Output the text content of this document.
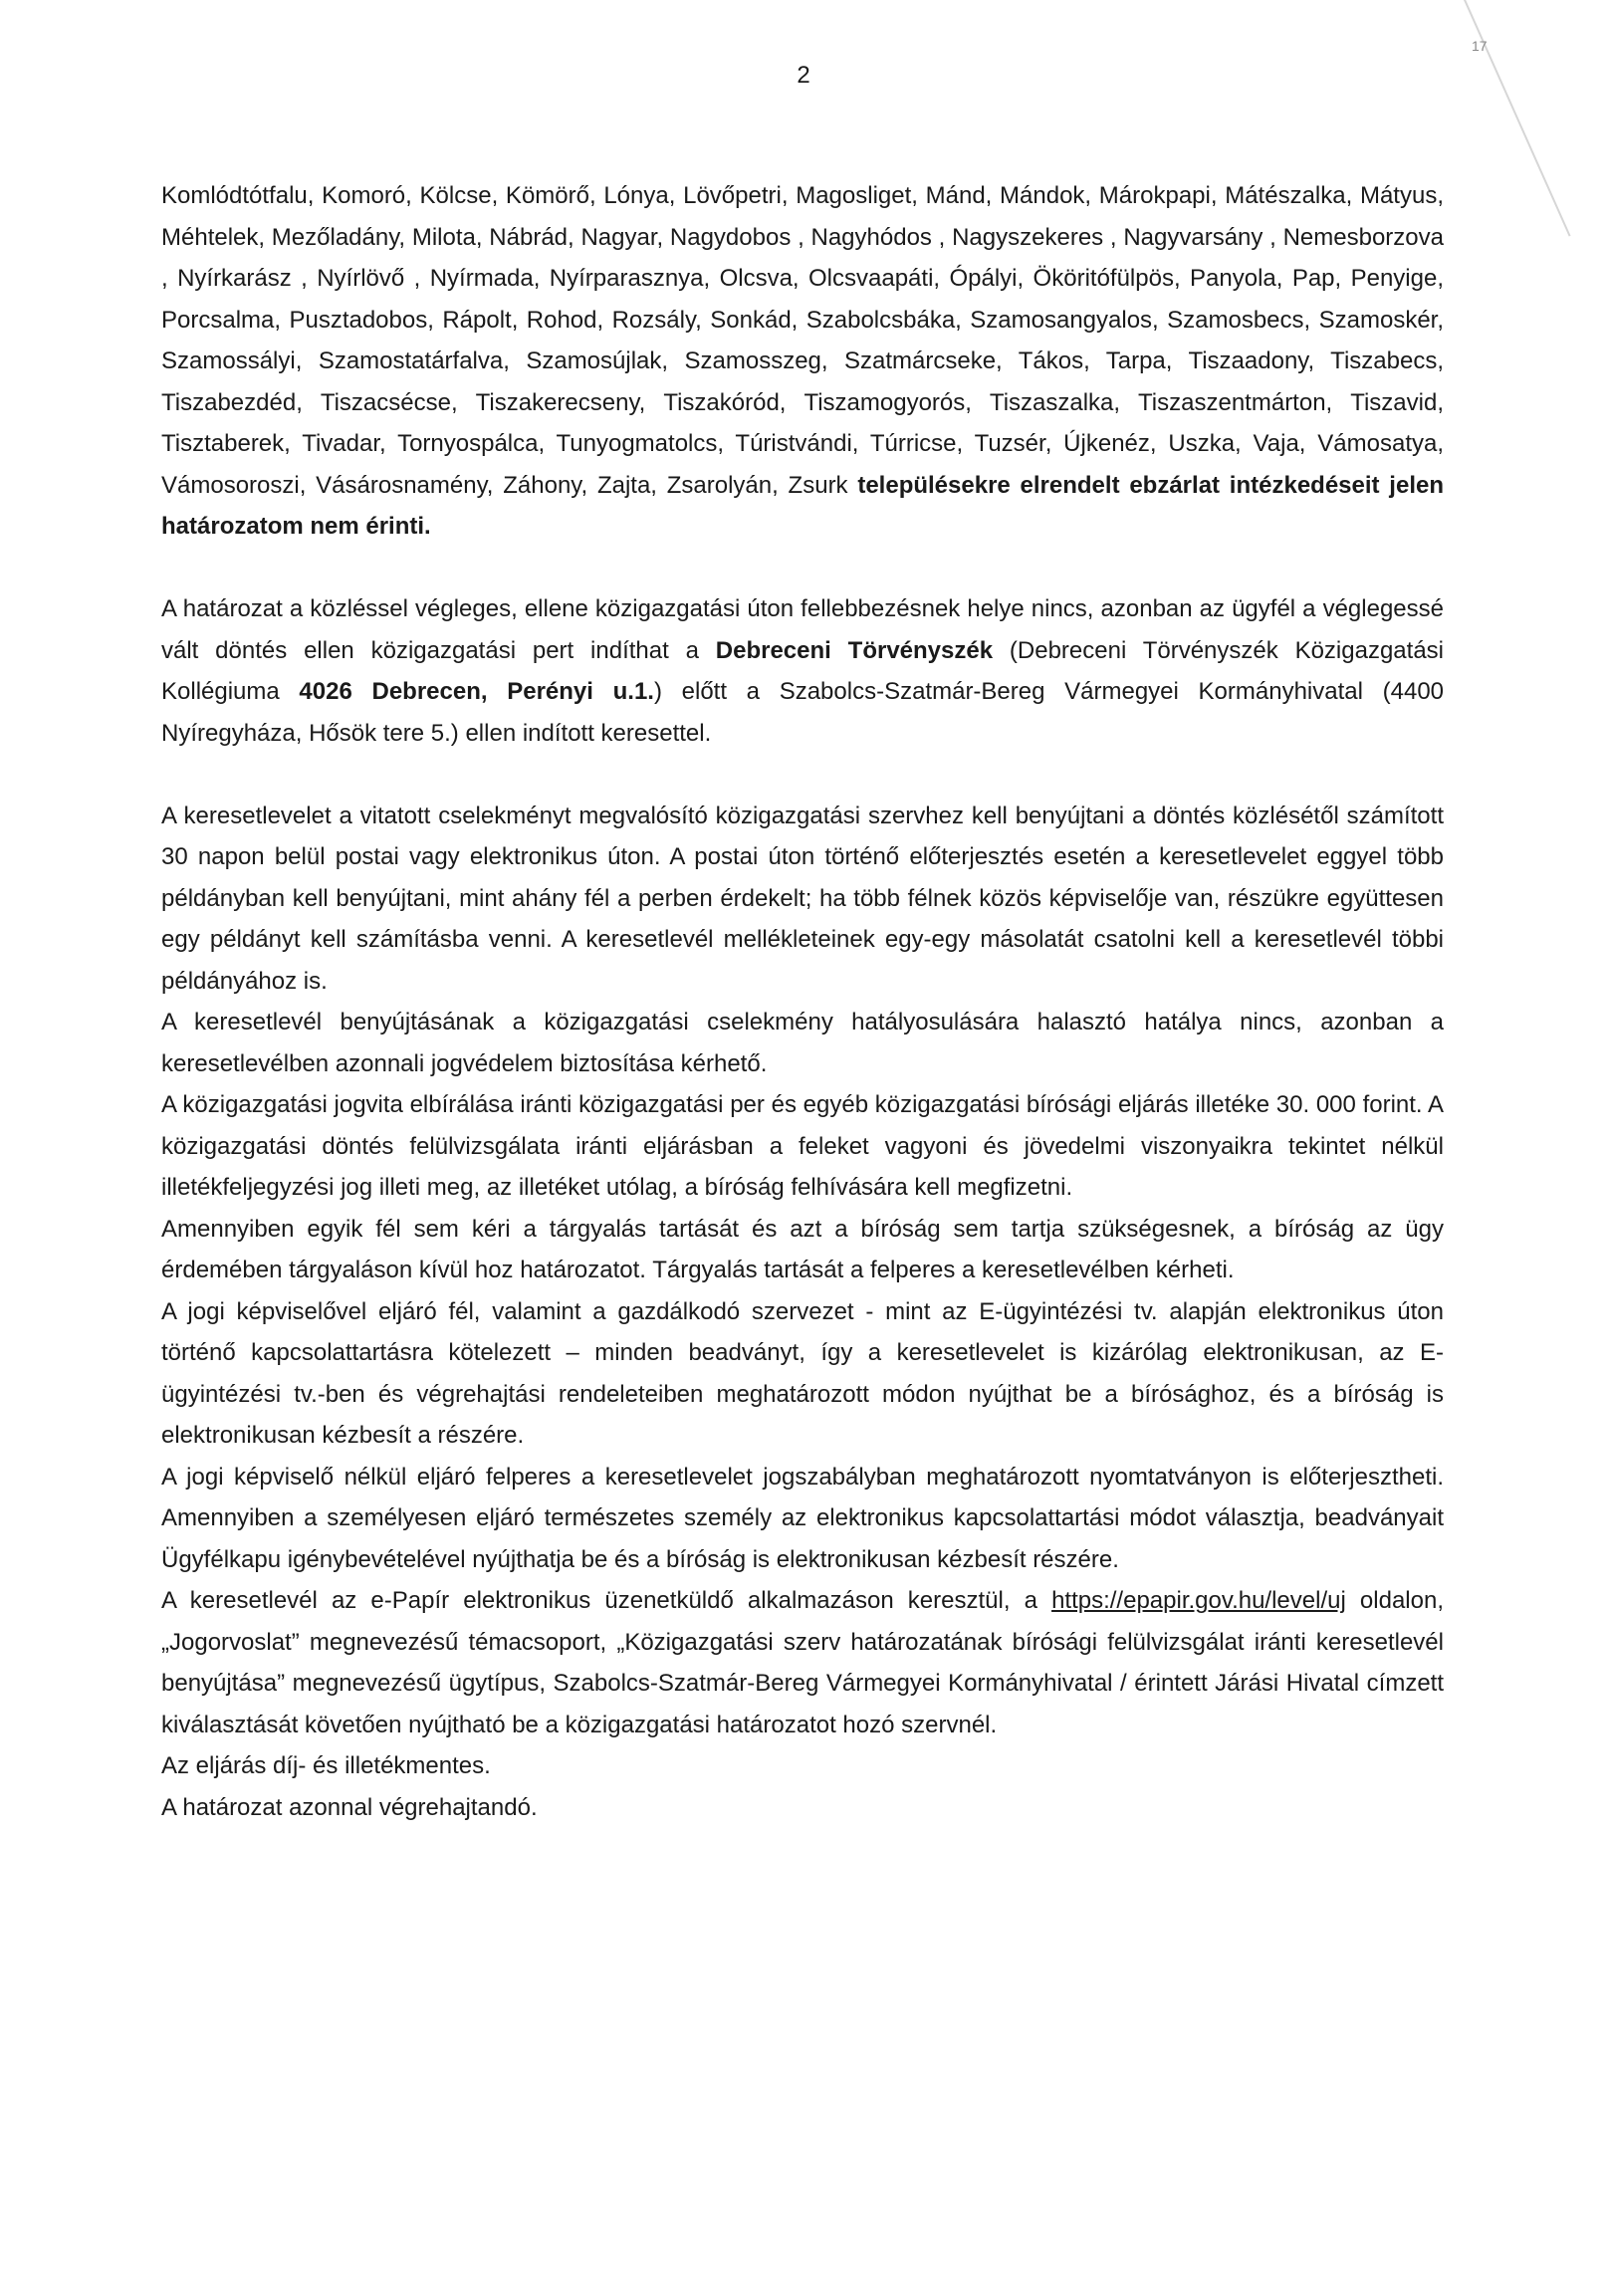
17
2

Komlódtótfalu, Komoró, Kölcse, Kömörő, Lónya, Lövőpetri, Magosliget, Mánd, Mándok, Márokpapi, Mátészalka, Mátyus, Méhtelek, Mezőladány, Milota, Nábrád, Nagyar, Nagydobos , Nagyhódos , Nagyszekeres , Nagyvarsány , Nemesborzova , Nyírkarász , Nyírlövő , Nyírmada, Nyírparasznya, Olcsva, Olcsvaapáti, Ópályi, Ököritófülpös, Panyola, Pap, Penyige, Porcsalma, Pusztadobos, Rápolt, Rohod, Rozsály, Sonkád, Szabolcsbáka, Szamosangyalos, Szamosbecs, Szamoskér, Szamossályi, Szamostatárfalva, Szamosújlak, Szamosszeg, Szatmárcseke, Tákos, Tarpa, Tiszaadony, Tiszabecs, Tiszabezdéd, Tiszacsécse, Tiszakerecseny, Tiszakóród, Tiszamogyorós, Tiszaszalka, Tiszaszentmárton, Tiszavid, Tisztaberek, Tivadar, Tornyospálca, Tunyogmatolcs, Túristvándi, Túrricse, Tuzsér, Újkenéz, Uszka, Vaja, Vámosatya, Vámosoroszi, Vásárosnamény, Záhony, Zajta, Zsarolyán, Zsurk településekre elrendelt ebzárlat intézkedéseit jelen határozatom nem érinti.

A határozat a közléssel végleges, ellene közigazgatási úton fellebbezésnek helye nincs, azonban az ügyfél a véglegessé vált döntés ellen közigazgatási pert indíthat a Debreceni Törvényszék (Debreceni Törvényszék Közigazgatási Kollégiuma 4026 Debrecen, Perényi u.1.) előtt a Szabolcs-Szatmár-Bereg Vármegyei Kormányhivatal (4400 Nyíregyháza, Hősök tere 5.) ellen indított keresettel.

A keresetlevelet a vitatott cselekményt megvalósító közigazgatási szervhez kell benyújtani a döntés közlésétől számított 30 napon belül postai vagy elektronikus úton. A postai úton történő előterjesztés esetén a keresetlevelet eggyel több példányban kell benyújtani, mint ahány fél a perben érdekelt; ha több félnek közös képviselője van, részükre együttesen egy példányt kell számításba venni. A keresetlevél mellékleteinek egy-egy másolatát csatolni kell a keresetlevél többi példányához is.

A keresetlevél benyújtásának a közigazgatási cselekmény hatályosulására halasztó hatálya nincs, azonban a keresetlevélben azonnali jogvédelem biztosítása kérhető.

A közigazgatási jogvita elbírálása iránti közigazgatási per és egyéb közigazgatási bírósági eljárás illetéke 30. 000 forint. A közigazgatási döntés felülvizsgálata iránti eljárásban a feleket vagyoni és jövedelmi viszonyaikra tekintet nélkül illetékfeljegyzési jog illeti meg, az illetéket utólag, a bíróság felhívására kell megfizetni.

Amennyiben egyik fél sem kéri a tárgyalás tartását és azt a bíróság sem tartja szükségesnek, a bíróság az ügy érdemében tárgyaláson kívül hoz határozatot. Tárgyalás tartását a felperes a keresetlevélben kérheti.

A jogi képviselővel eljáró fél, valamint a gazdálkodó szervezet - mint az E-ügyintézési tv. alapján elektronikus úton történő kapcsolattartásra kötelezett – minden beadványt, így a keresetlevelet is kizárólag elektronikusan, az E-ügyintézési tv.-ben és végrehajtási rendeleteiben meghatározott módon nyújthat be a bírósághoz, és a bíróság is elektronikusan kézbesít a részére.

A jogi képviselő nélkül eljáró felperes a keresetlevelet jogszabályban meghatározott nyomtatványon is előterjesztheti. Amennyiben a személyesen eljáró természetes személy az elektronikus kapcsolattartási módot választja, beadványait Ügyfélkapu igénybevételével nyújthatja be és a bíróság is elektronikusan kézbesít részére.

A keresetlevél az e-Papír elektronikus üzenetküldő alkalmazáson keresztül, a https://epapir.gov.hu/level/uj oldalon, „Jogorvoslat” megnevezésű témacsoport, „Közigazgatási szerv határozatának bírósági felülvizsgálat iránti keresetlevél benyújtása” megnevezésű ügytípus, Szabolcs-Szatmár-Bereg Vármegyei Kormányhivatal / érintett Járási Hivatal címzett kiválasztását követően nyújtható be a közigazgatási határozatot hozó szervnél.

Az eljárás díj- és illetékmentes.

A határozat azonnal végrehajtandó.
